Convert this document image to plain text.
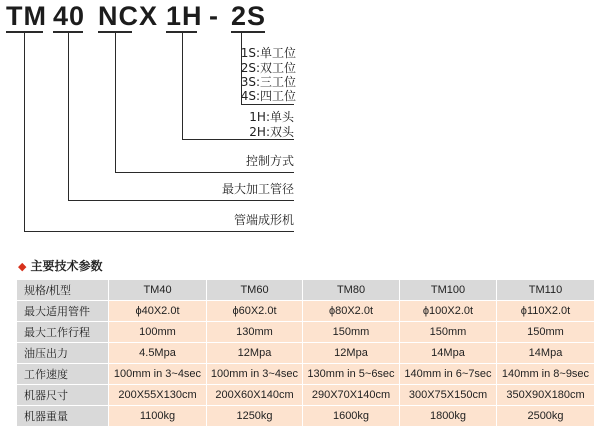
TM 40 NC X 1H - 2S
1S:单工位
2S:双工位
3S:三工位
4S:四工位
1H:单头
2H:双头
控制方式
最大加工管径
管端成形机
◆ 主要技术参数
规格/机型	TM40	TM60	TM80	TM100	TM110
最大适用管件	ϕ40X2.0t	ϕ60X2.0t	ϕ80X2.0t	ϕ100X2.0t	ϕ110X2.0t
最大工作行程	100mm	130mm	150mm	150mm	150mm
油压出力	4.5Mpa	12Mpa	12Mpa	14Mpa	14Mpa
工作速度	100mm in 3~4sec	100mm in 3~4sec	130mm in 5~6sec	140mm in 6~7sec	140mm in 8~9sec
机器尺寸	200X55X130cm	200X60X140cm	290X70X140cm	300X75X150cm	350X90X180cm
机器重量	1100kg	1250kg	1600kg	1800kg	2500kg
